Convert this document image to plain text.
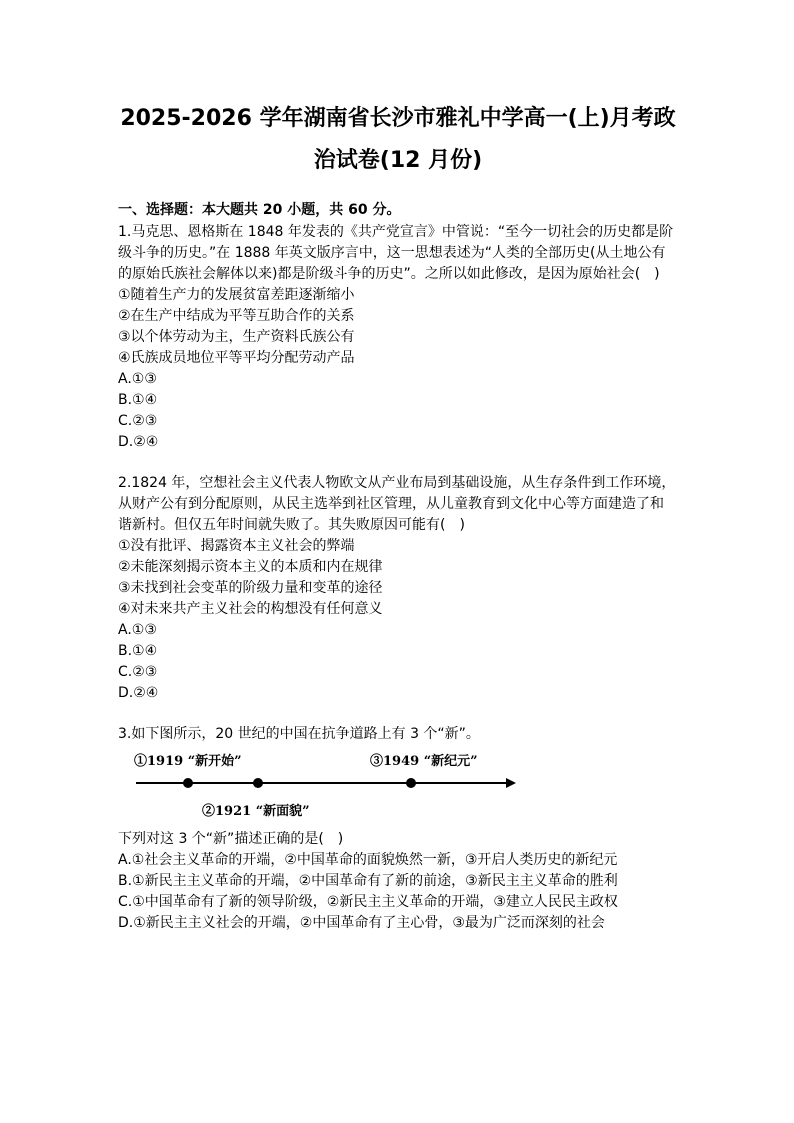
2025-2026 学年湖南省长沙市雅礼中学高一(上)月考政
治试卷(12 月份)
一、选择题：本大题共 20 小题，共 60 分。

1.马克思、恩格斯在 1848 年发表的《共产党宣言》中管说：“至今一切社会的历史都是阶级斗争的历史。”在 1888 年英文版序言中，这一思想表述为“人类的全部历史(从土地公有的原始氏族社会解体以来)都是阶级斗争的历史”。之所以如此修改，是因为原始社会(　)

①随着生产力的发展贫富差距逐渐缩小
②在生产中结成为平等互助合作的关系
③以个体劳动为主，生产资料氏族公有
④氏族成员地位平等平均分配劳动产品
A.①③
B.①④
C.②③
D.②④

2.1824 年，空想社会主义代表人物欧文从产业布局到基础设施，从生存条件到工作环境，从财产公有到分配原则，从民主选举到社区管理，从儿童教育到文化中心等方面建造了和谐新村。但仅五年时间就失败了。其失败原因可能有(　)

①没有批评、揭露资本主义社会的弊端
②未能深刻揭示资本主义的本质和内在规律
③未找到社会变革的阶级力量和变革的途径
④对未来共产主义社会的构想没有任何意义
A.①③
B.①④
C.②③
D.②④

3.如下图所示，20 世纪的中国在抗争道路上有 3 个“新”。

①1919 “新开始”	③1949 “新纪元”
②1921 “新面貌”

下列对这 3 个“新”描述正确的是(　)

A.①社会主义革命的开端，②中国革命的面貌焕然一新，③开启人类历史的新纪元
B.①新民主主义革命的开端，②中国革命有了新的前途，③新民主主义革命的胜利
C.①中国革命有了新的领导阶级，②新民主主义革命的开端，③建立人民民主政权
D.①新民主主义社会的开端，②中国革命有了主心骨，③最为广泛而深刻的社会
